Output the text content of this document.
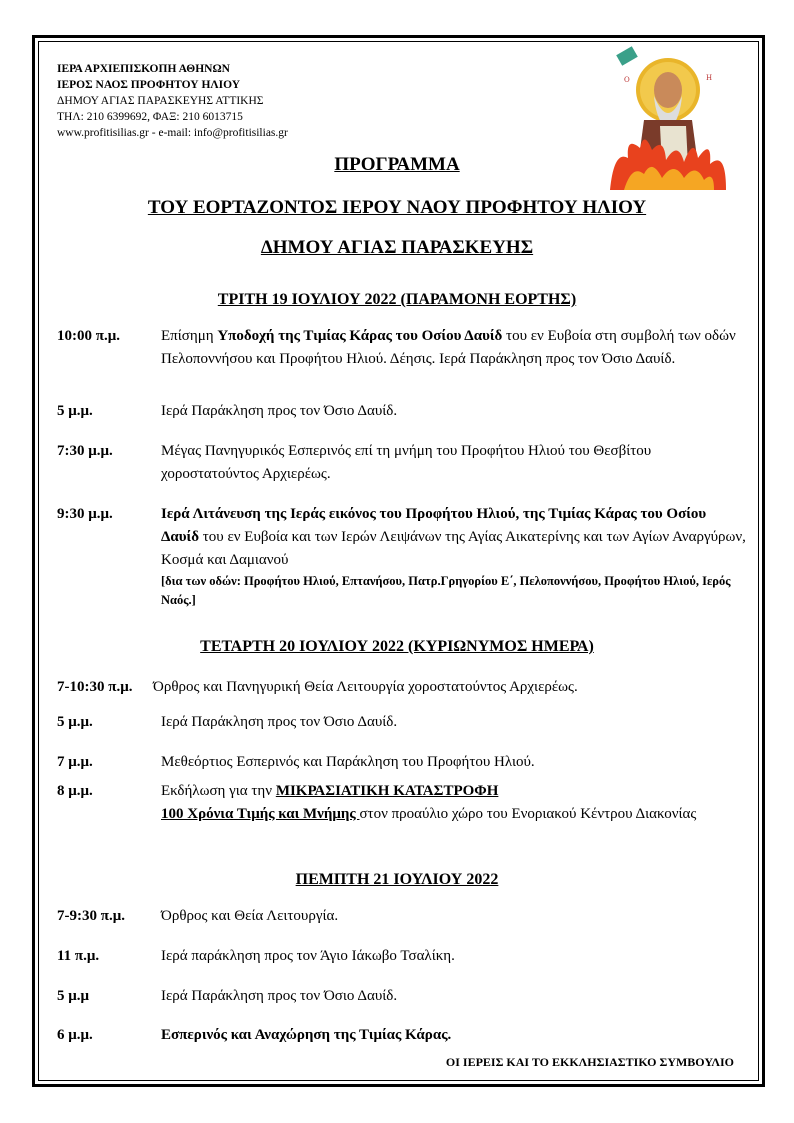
ΙΕΡΑ ΑΡΧΙΕΠΙΣΚΟΠΗ ΑΘΗΝΩΝ
ΙΕΡΟΣ ΝΑΟΣ ΠΡΟΦΗΤΟΥ ΗΛΙΟΥ
ΔΗΜΟΥ ΑΓΙΑΣ ΠΑΡΑΣΚΕΥΗΣ ΑΤΤΙΚΗΣ
ΤΗΛ: 210 6399692, ΦΑΞ: 210 6013715
www.profitisilias.gr - e-mail: info@profitisilias.gr
Ο	Η
ΠΡΟΓΡΑΜΜΑ
ΤΟΥ ΕΟΡΤΑΖΟΝΤΟΣ ΙΕΡΟΥ ΝΑΟΥ ΠΡΟΦΗΤΟΥ ΗΛΙΟΥ
ΔΗΜΟΥ ΑΓΙΑΣ ΠΑΡΑΣΚΕΥΗΣ
ΤΡΙΤΗ 19 ΙΟΥΛΙΟΥ 2022 (ΠΑΡΑΜΟΝΗ ΕΟΡΤΗΣ)
10:00 π.μ.	Επίσημη Υποδοχή της Τιμίας Κάρας του Οσίου Δαυίδ του εν Ευβοία στη συμβολή των οδών Πελοποννήσου και Προφήτου Ηλιού. Δέησις. Ιερά Παράκληση προς τον Όσιο Δαυίδ.
5 μ.μ.	Ιερά Παράκληση προς τον Όσιο Δαυίδ.
7:30 μ.μ.	Μέγας Πανηγυρικός Εσπερινός επί τη μνήμη του Προφήτου Ηλιού του Θεσβίτου χοροστατούντος Αρχιερέως.
9:30 μ.μ.	Ιερά Λιτάνευση της Ιεράς εικόνος του Προφήτου Ηλιού, της Τιμίας Κάρας του Οσίου Δαυίδ του εν Ευβοία και των Ιερών Λειψάνων της Αγίας Αικατερίνης και των Αγίων Αναργύρων, Κοσμά και Δαμιανού
[δια των οδών: Προφήτου Ηλιού, Επτανήσου, Πατρ.Γρηγορίου Ε΄, Πελοποννήσου, Προφήτου Ηλιού, Ιερός Ναός.]
ΤΕΤΑΡΤΗ 20 ΙΟΥΛΙΟΥ 2022 (ΚΥΡΙΩΝΥΜΟΣ ΗΜΕΡΑ)
7-10:30 π.μ. Όρθρος και Πανηγυρική Θεία Λειτουργία χοροστατούντος Αρχιερέως.
5 μ.μ.	Ιερά Παράκληση προς τον Όσιο Δαυίδ.
7 μ.μ.	Μεθεόρτιος Εσπερινός και Παράκληση του Προφήτου Ηλιού.
8 μ.μ.	Εκδήλωση για την ΜΙΚΡΑΣΙΑΤΙΚΗ ΚΑΤΑΣΤΡΟΦΗ
100 Χρόνια Τιμής και Μνήμης στον προαύλιο χώρο του Ενοριακού Κέντρου Διακονίας
ΠΕΜΠΤΗ 21 ΙΟΥΛΙΟΥ 2022
7-9:30 π.μ. Όρθρος και Θεία Λειτουργία.
11 π.μ.	Ιερά παράκληση προς τον Άγιο Ιάκωβο Τσαλίκη.
5 μ.μ	Ιερά Παράκληση προς τον Όσιο Δαυίδ.
6 μ.μ.	Εσπερινός και Αναχώρηση της Τιμίας Κάρας.
ΟΙ ΙΕΡΕΙΣ ΚΑΙ ΤΟ ΕΚΚΛΗΣΙΑΣΤΙΚΟ ΣΥΜΒΟΥΛΙΟ
